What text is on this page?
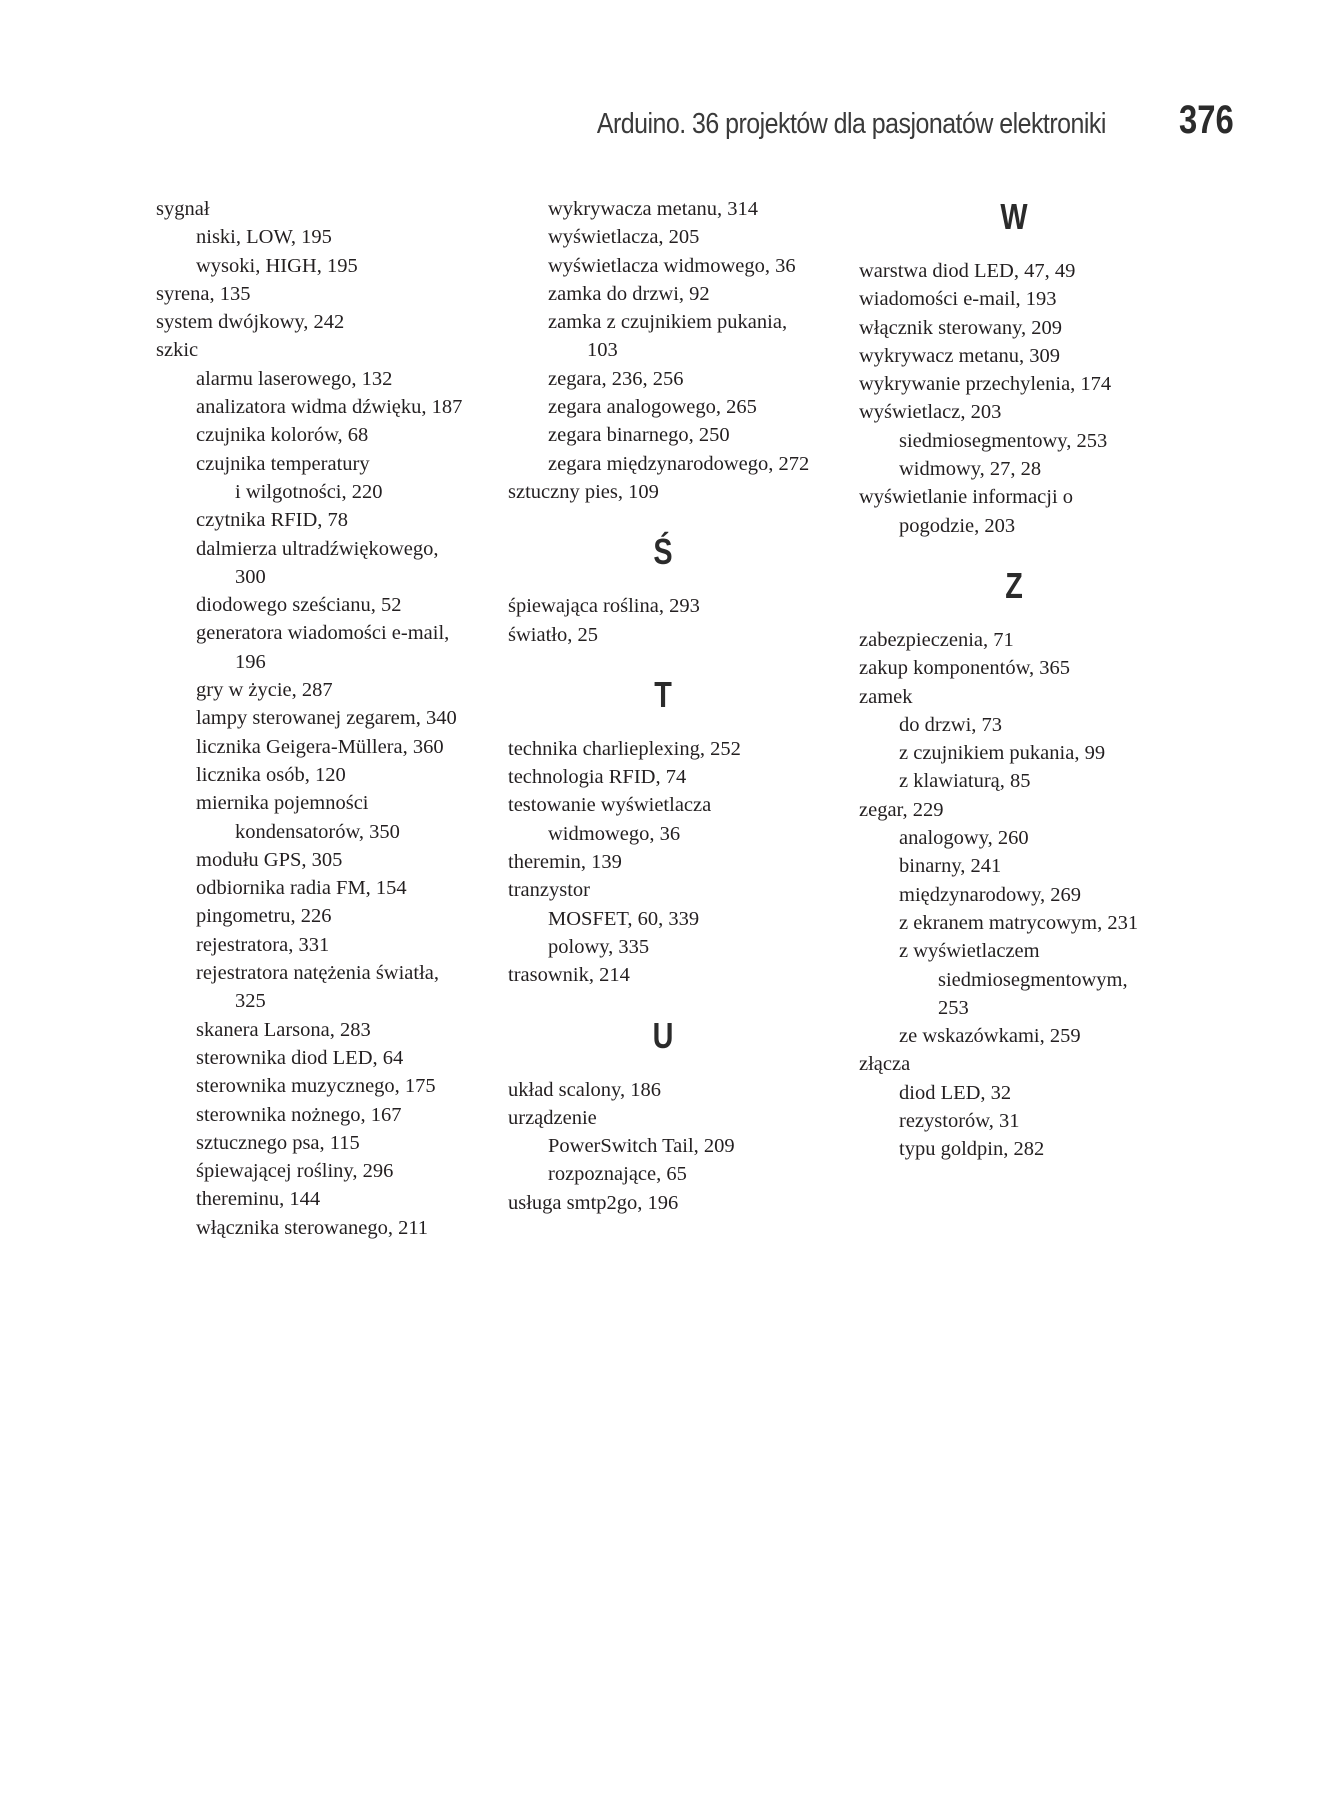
Arduino. 36 projektów dla pasjonatów elektroniki 376
sygnał
niski, LOW, 195
wysoki, HIGH, 195
syrena, 135
system dwójkowy, 242
szkic
alarmu laserowego, 132
analizatora widma dźwięku, 187
czujnika kolorów, 68
czujnika temperatury
i wilgotności, 220
czytnika RFID, 78
dalmierza ultradźwiękowego,
300
diodowego sześcianu, 52
generatora wiadomości e-mail,
196
gry w życie, 287
lampy sterowanej zegarem, 340
licznika Geigera-Müllera, 360
licznika osób, 120
miernika pojemności
kondensatorów, 350
modułu GPS, 305
odbiornika radia FM, 154
pingometru, 226
rejestratora, 331
rejestratora natężenia światła,
325
skanera Larsona, 283
sterownika diod LED, 64
sterownika muzycznego, 175
sterownika nożnego, 167
sztucznego psa, 115
śpiewającej rośliny, 296
thereminu, 144
włącznika sterowanego, 211
wykrywacza metanu, 314
wyświetlacza, 205
wyświetlacza widmowego, 36
zamka do drzwi, 92
zamka z czujnikiem pukania,
103
zegara, 236, 256
zegara analogowego, 265
zegara binarnego, 250
zegara międzynarodowego, 272
sztuczny pies, 109
Ś
śpiewająca roślina, 293
światło, 25
T
technika charlieplexing, 252
technologia RFID, 74
testowanie wyświetlacza
widmowego, 36
theremin, 139
tranzystor
MOSFET, 60, 339
polowy, 335
trasownik, 214
U
układ scalony, 186
urządzenie
PowerSwitch Tail, 209
rozpoznające, 65
usługa smtp2go, 196
W
warstwa diod LED, 47, 49
wiadomości e-mail, 193
włącznik sterowany, 209
wykrywacz metanu, 309
wykrywanie przechylenia, 174
wyświetlacz, 203
siedmiosegmentowy, 253
widmowy, 27, 28
wyświetlanie informacji o
pogodzie, 203
Z
zabezpieczenia, 71
zakup komponentów, 365
zamek
do drzwi, 73
z czujnikiem pukania, 99
z klawiaturą, 85
zegar, 229
analogowy, 260
binarny, 241
międzynarodowy, 269
z ekranem matrycowym, 231
z wyświetlaczem
siedmiosegmentowym,
253
ze wskazówkami, 259
złącza
diod LED, 32
rezystorów, 31
typu goldpin, 282
